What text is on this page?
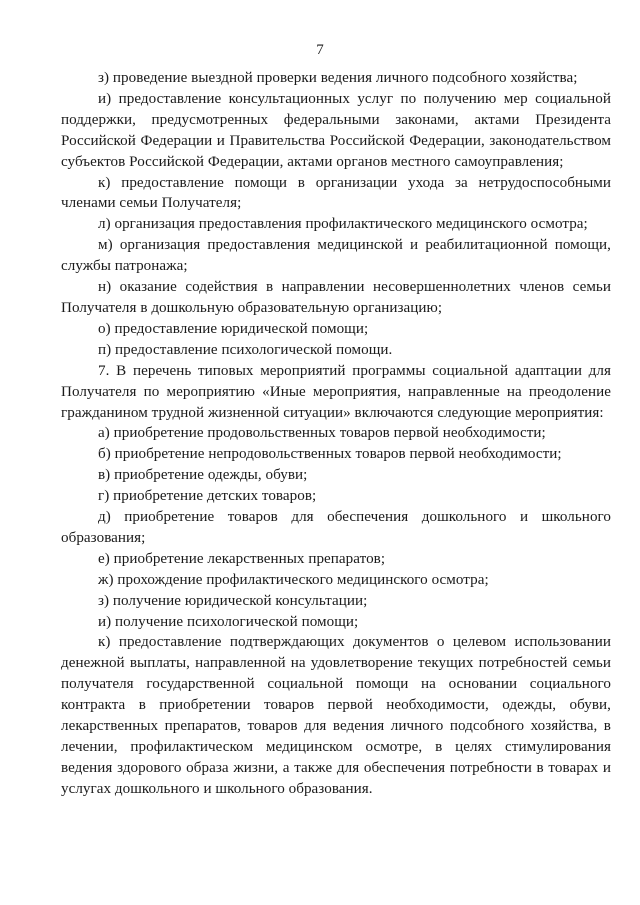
7

з) проведение выездной проверки ведения личного подсобного хозяйства;

и) предоставление консультационных услуг по получению мер социальной поддержки, предусмотренных федеральными законами, актами Президента Российской Федерации и Правительства Российской Федерации, законодательством субъектов Российской Федерации, актами органов местного самоуправления;

к) предоставление помощи в организации ухода за нетрудоспособными членами семьи Получателя;

л) организация предоставления профилактического медицинского осмотра;

м) организация предоставления медицинской и реабилитационной помощи, службы патронажа;

н) оказание содействия в направлении несовершеннолетних членов семьи Получателя в дошкольную образовательную организацию;

о) предоставление юридической помощи;

п) предоставление психологической помощи.

7. В перечень типовых мероприятий программы социальной адаптации для Получателя по мероприятию «Иные мероприятия, направленные на преодоление гражданином трудной жизненной ситуации» включаются следующие мероприятия:

а) приобретение продовольственных товаров первой необходимости;

б) приобретение непродовольственных товаров первой необходимости;

в) приобретение одежды, обуви;

г) приобретение детских товаров;

д) приобретение товаров для обеспечения дошкольного и школьного образования;

е) приобретение лекарственных препаратов;

ж) прохождение профилактического медицинского осмотра;

з) получение юридической консультации;

и) получение психологической помощи;

к) предоставление подтверждающих документов о целевом использовании денежной выплаты, направленной на удовлетворение текущих потребностей семьи получателя государственной социальной помощи на основании социального контракта в приобретении товаров первой необходимости, одежды, обуви, лекарственных препаратов, товаров для ведения личного подсобного хозяйства, в лечении, профилактическом медицинском осмотре, в целях стимулирования ведения здорового образа жизни, а также для обеспечения потребности в товарах и услугах дошкольного и школьного образования.
